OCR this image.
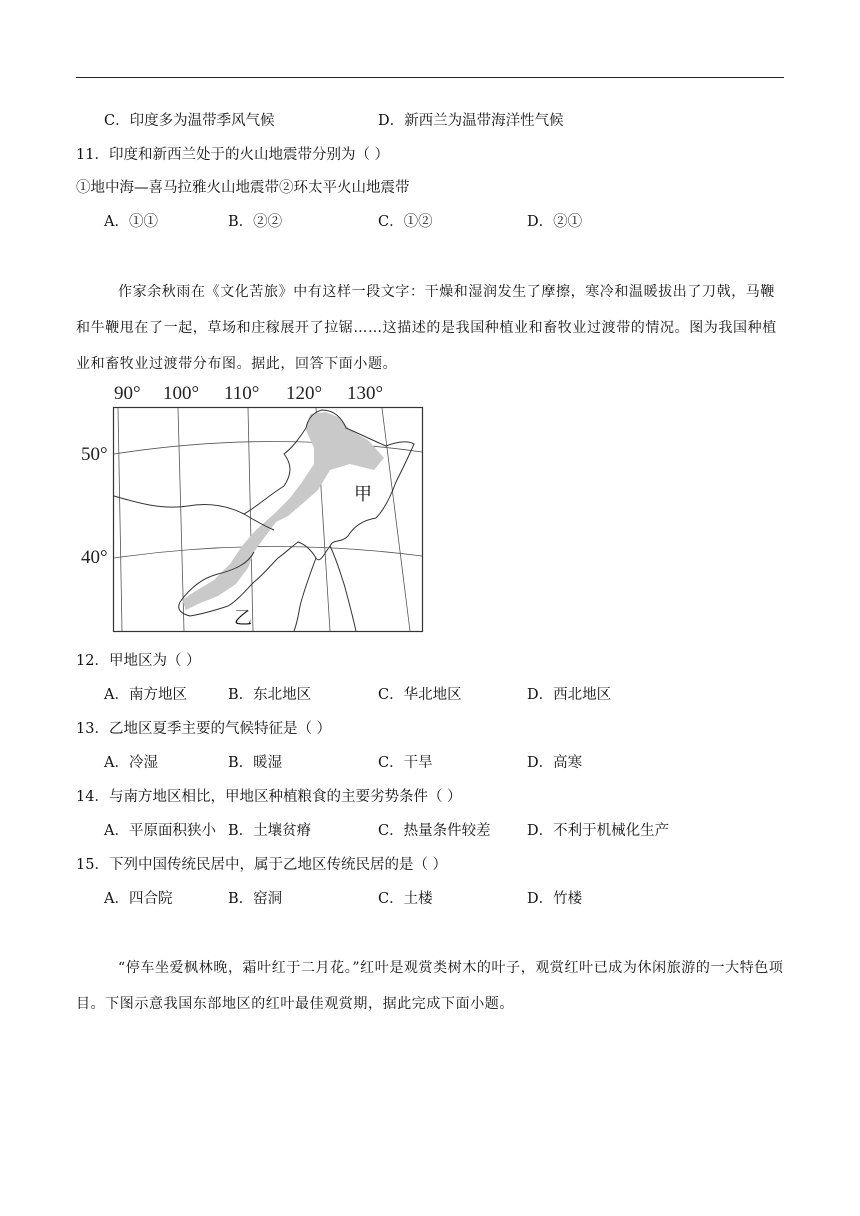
C．印度多为温带季风气候	D．新西兰为温带海洋性气候
11．印度和新西兰处于的火山地震带分别为（ ）
①地中海—喜马拉雅火山地震带②环太平火山地震带
A．①①	B．②②	C．①②	D．②①
作家余秋雨在《文化苦旅》中有这样一段文字：干燥和湿润发生了摩擦，寒冷和温暖拔出了刀戟，马鞭和牛鞭甩在了一起，草场和庄稼展开了拉锯……这描述的是我国种植业和畜牧业过渡带的情况。图为我国种植业和畜牧业过渡带分布图。据此，回答下面小题。
90° 100° 110° 120° 130°
50°
40°
甲
乙
12．甲地区为（ ）
A．南方地区	B．东北地区	C．华北地区	D．西北地区
13．乙地区夏季主要的气候特征是（ ）
A．冷湿	B．暖湿	C．干旱	D．高寒
14．与南方地区相比，甲地区种植粮食的主要劣势条件（ ）
A．平原面积狭小 B．土壤贫瘠	C．热量条件较差	D．不利于机械化生产
15．下列中国传统民居中，属于乙地区传统民居的是（ ）
A．四合院	B．窑洞	C．土楼	D．竹楼
“停车坐爱枫林晚，霜叶红于二月花。”红叶是观赏类树木的叶子，观赏红叶已成为休闲旅游的一大特色项目。下图示意我国东部地区的红叶最佳观赏期，据此完成下面小题。
